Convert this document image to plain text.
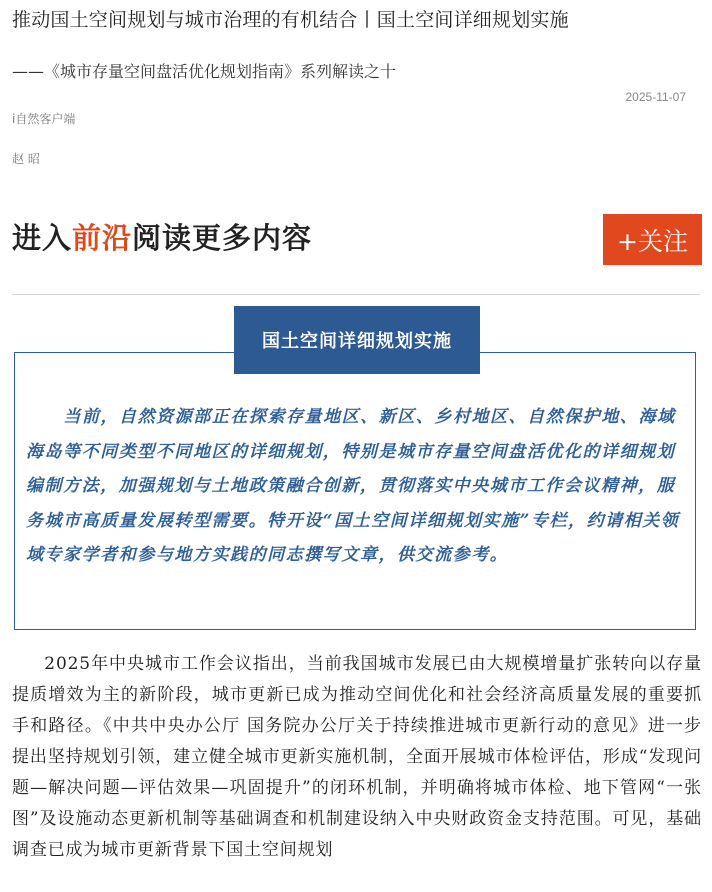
推动国土空间规划与城市治理的有机结合丨国土空间详细规划实施
——《城市存量空间盘活优化规划指南》系列解读之十
2025-11-07
i自然客户端
赵 昭
进入前沿阅读更多内容	+关注
国土空间详细规划实施

当前，自然资源部正在探索存量地区、新区、乡村地区、自然保护地、海域海岛等不同类型不同地区的详细规划，特别是城市存量空间盘活优化的详细规划编制方法，加强规划与土地政策融合创新，贯彻落实中央城市工作会议精神，服务城市高质量发展转型需要。特开设“国土空间详细规划实施”专栏，约请相关领域专家学者和参与地方实践的同志撰写文章，供交流参考。

2025年中央城市工作会议指出，当前我国城市发展已由大规模增量扩张转向以存量提质增效为主的新阶段，城市更新已成为推动空间优化和社会经济高质量发展的重要抓手和路径。《中共中央办公厅 国务院办公厅关于持续推进城市更新行动的意见》进一步提出坚持规划引领，建立健全城市更新实施机制，全面开展城市体检评估，形成“发现问题—解决问题—评估效果—巩固提升”的闭环机制，并明确将城市体检、地下管网“一张图”及设施动态更新机制等基础调查和机制建设纳入中央财政资金支持范围。可见，基础调查已成为城市更新背景下国土空间规划
